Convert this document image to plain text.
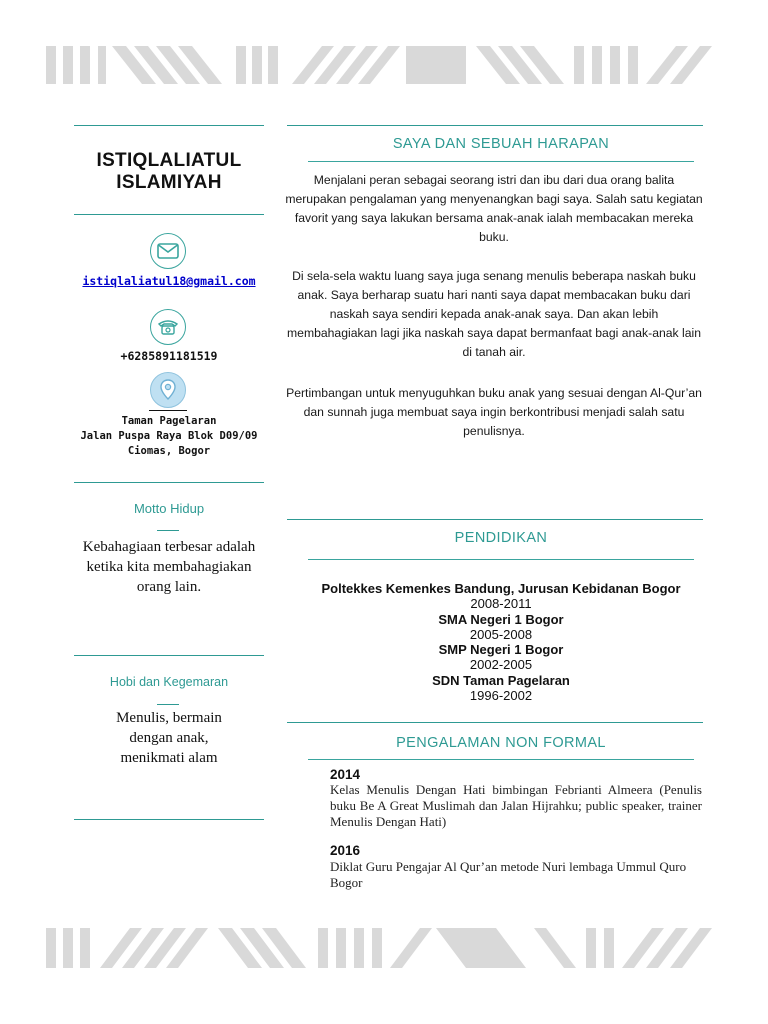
ISTIQLALIATUL ISLAMIYAH
istiqlaliatul18@gmail.com
+6285891181519
Taman Pagelaran
Jalan Puspa Raya Blok D09/09
Ciomas, Bogor
Motto Hidup
Kebahagiaan terbesar adalah ketika kita membahagiakan orang lain.
Hobi dan Kegemaran
Menulis, bermain dengan anak, menikmati alam
SAYA DAN SEBUAH HARAPAN
Menjalani peran sebagai seorang istri dan ibu dari dua orang balita merupakan pengalaman yang menyenangkan bagi saya. Salah satu kegiatan favorit yang saya lakukan bersama anak-anak ialah membacakan mereka buku.
Di sela-sela waktu luang saya juga senang menulis beberapa naskah buku anak. Saya berharap suatu hari nanti saya dapat membacakan buku dari naskah saya sendiri kepada anak-anak saya. Dan akan lebih membahagiakan lagi jika naskah saya dapat bermanfaat bagi anak-anak lain di tanah air.
Pertimbangan untuk menyuguhkan buku anak yang sesuai dengan Al-Qur’an dan sunnah juga membuat saya ingin berkontribusi menjadi salah satu penulisnya.
PENDIDIKAN
Poltekkes Kemenkes Bandung, Jurusan Kebidanan Bogor
2008-2011
SMA Negeri 1 Bogor
2005-2008
SMP Negeri 1 Bogor
2002-2005
SDN Taman Pagelaran
1996-2002
PENGALAMAN NON FORMAL
2014
Kelas Menulis Dengan Hati bimbingan Febrianti Almeera (Penulis buku Be A Great Muslimah dan Jalan Hijrahku; public speaker, trainer Menulis Dengan Hati)
2016
Diklat Guru Pengajar Al Qur’an metode Nuri lembaga Ummul Quro Bogor
